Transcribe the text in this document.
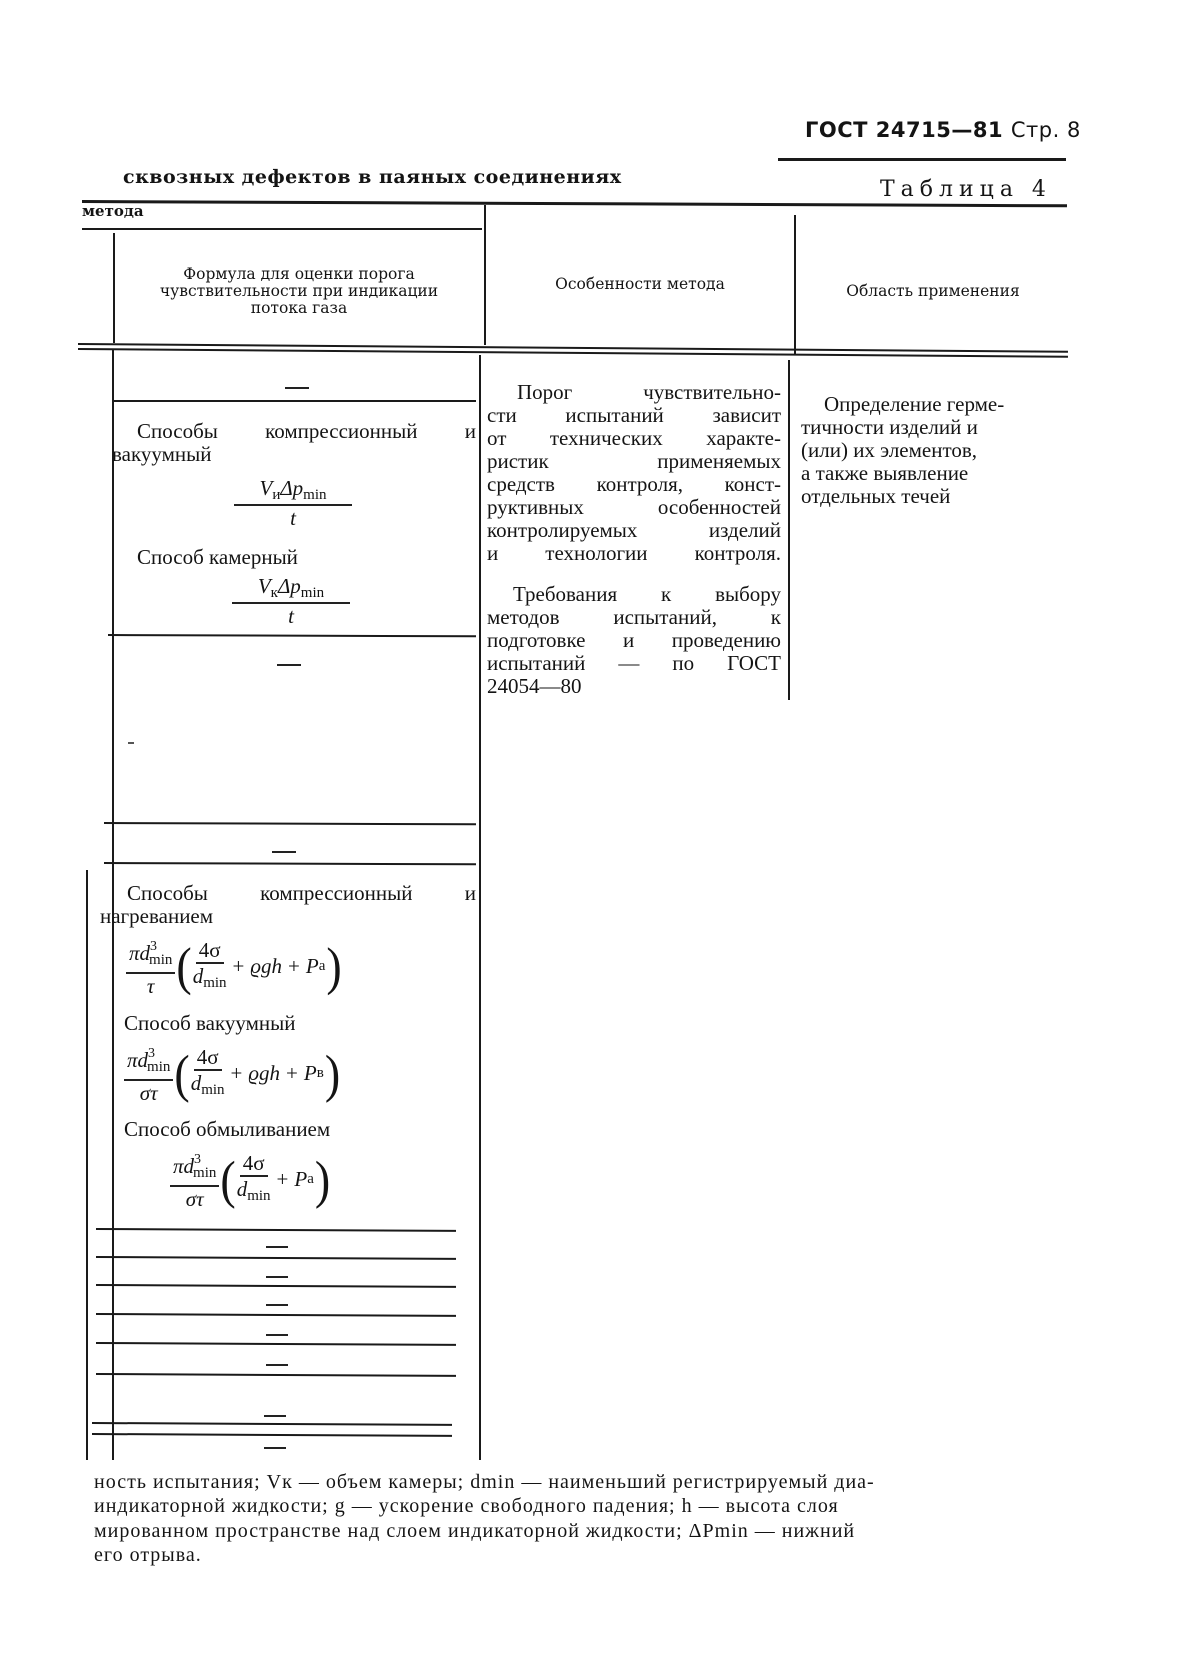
ГОСТ 24715—81 Стр. 8
сквозных дефектов в паяных соединениях	Таблица 4
метода
Формула для оценки порога
чувствительности при индикации
потока газа
Особенности метода	Область применения
Способы компрессионный и
вакуумный
$V_и\Delta p_{min}$
t
Способ камерный
$V_к\Delta p_{min}$
t
Способы компрессионный и
нагреванием
$\frac{\pi d^3_{min}}{\tau}$ ( $\frac{4\sigma}{d_{min}} + ϱgh + P$ а )
Способ вакуумный
$\frac{\pi d^3_{min}}{\sigma\tau}$ ( $\frac{4\sigma}{d_{min}} + ϱgh + P$ в )
Способ обмыливанием
$\frac{\pi d^3_{min}}{\sigma\tau}$ ( $\frac{4\sigma}{d_{min}} + P$ а )
Порог чувствительно-
сти испытаний зависит
от технических характе-
ристик применяемых
средств контроля, конст-
руктивных особенностей
контролируемых изделий
и технологии контроля.
Требования к выбору
методов испытаний, к
подготовке и проведению
испытаний — по ГОСТ
24054—80
Определение герме-
тичности изделий и
(или) их элементов,
а также выявление
отдельных течей
ность испытания; Vк — объем камеры; dmin — наименьший регистрируемый диа-
индикаторной жидкости; g — ускорение свободного падения; h — высота слоя
мированном пространстве над слоем индикаторной жидкости; ΔPmin — нижний
его отрыва.
